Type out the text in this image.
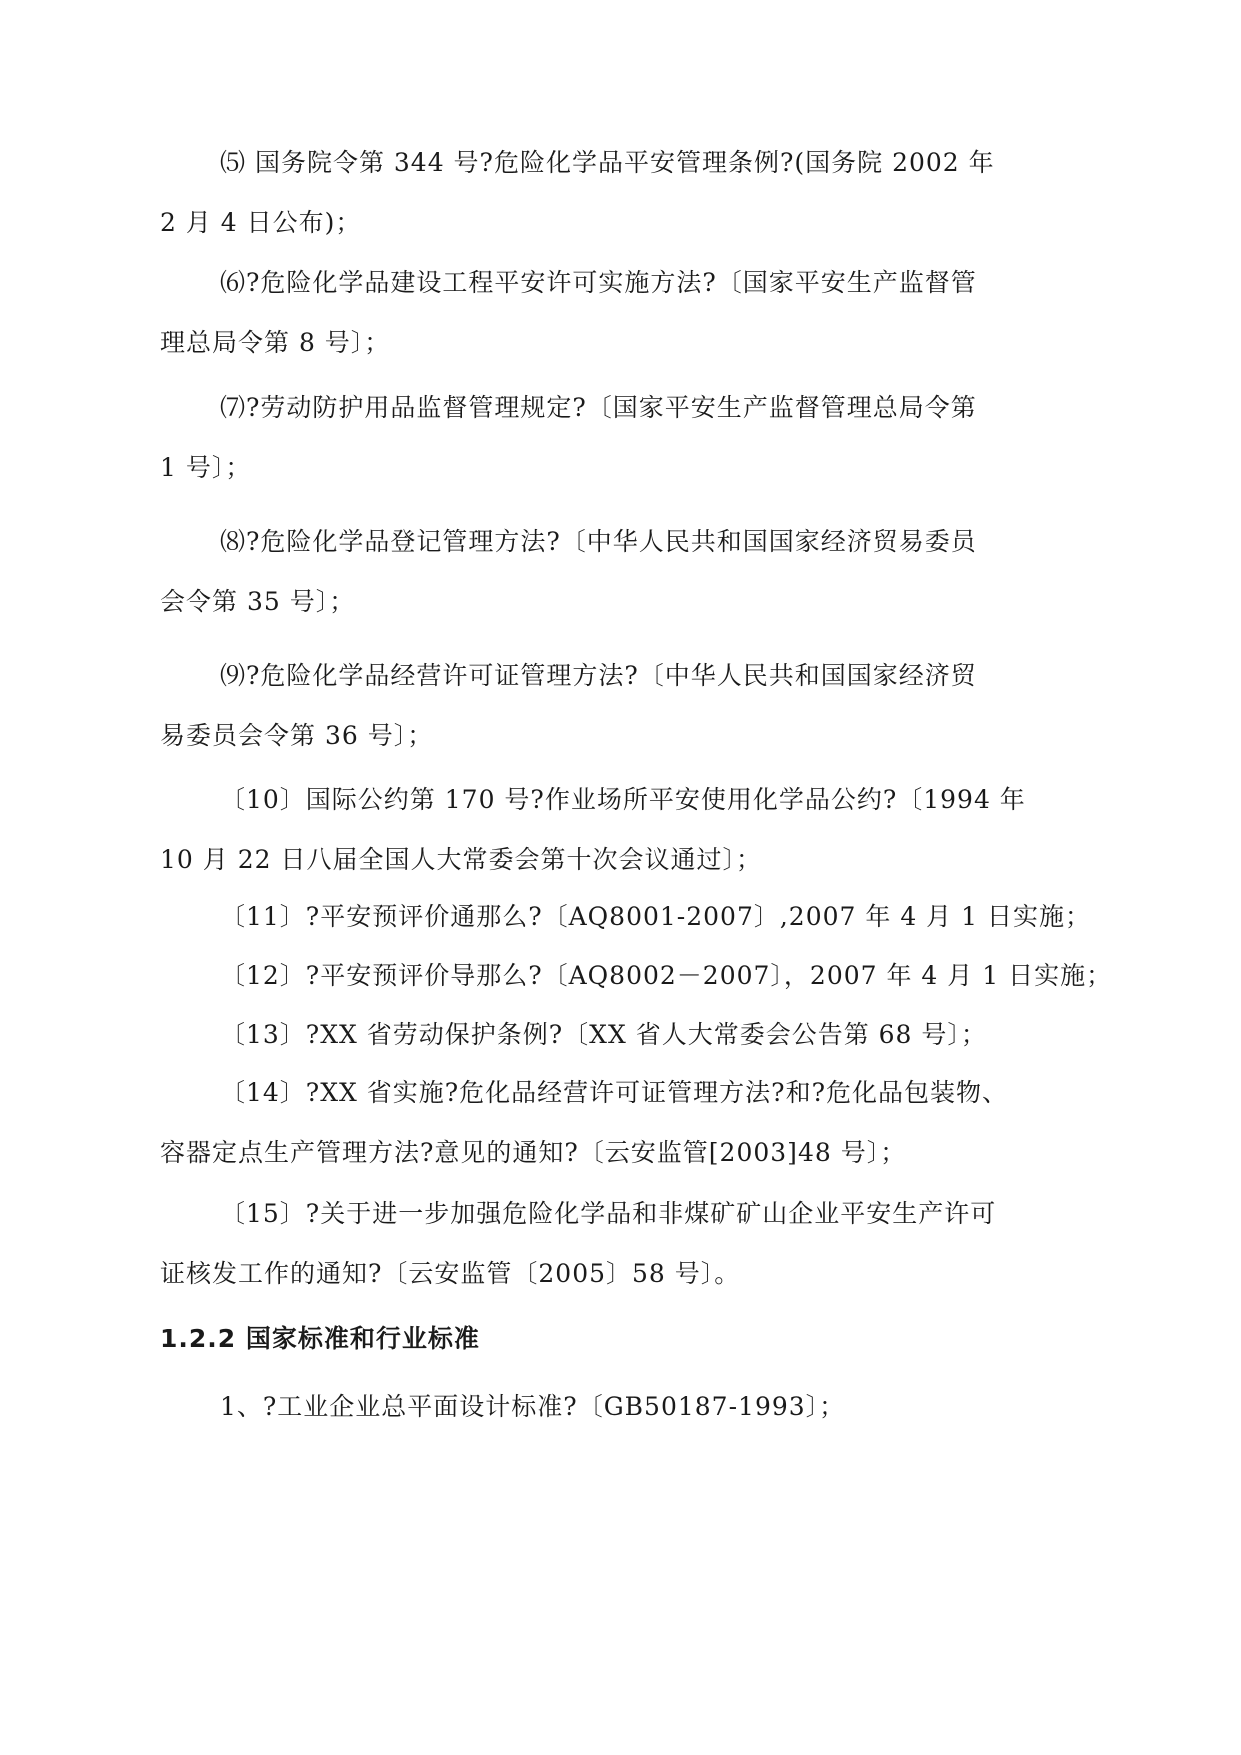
⑸ 国务院令第 344 号?危险化学品平安管理条例?(国务院 2002 年

2 月 4 日公布)；

⑹?危险化学品建设工程平安许可实施方法?〔国家平安生产监督管

理总局令第 8 号〕；

⑺?劳动防护用品监督管理规定?〔国家平安生产监督管理总局令第

1 号〕；

⑻?危险化学品登记管理方法?〔中华人民共和国国家经济贸易委员

会令第 35 号〕；

⑼?危险化学品经营许可证管理方法?〔中华人民共和国国家经济贸

易委员会令第 36 号〕；

〔10〕国际公约第 170 号?作业场所平安使用化学品公约?〔1994 年

10 月 22 日八届全国人大常委会第十次会议通过〕；

〔11〕?平安预评价通那么?〔AQ8001-2007〕,2007 年 4 月 1 日实施；

〔12〕?平安预评价导那么?〔AQ8002－2007〕，2007 年 4 月 1 日实施；

〔13〕?XX 省劳动保护条例?〔XX 省人大常委会公告第 68 号〕；

〔14〕?XX 省实施?危化品经营许可证管理方法?和?危化品包装物、

容器定点生产管理方法?意见的通知?〔云安监管[2003]48 号〕；

〔15〕?关于进一步加强危险化学品和非煤矿矿山企业平安生产许可

证核发工作的通知?〔云安监管〔2005〕58 号〕。

1.2.2 国家标准和行业标准

1、?工业企业总平面设计标准?〔GB50187-1993〕；
